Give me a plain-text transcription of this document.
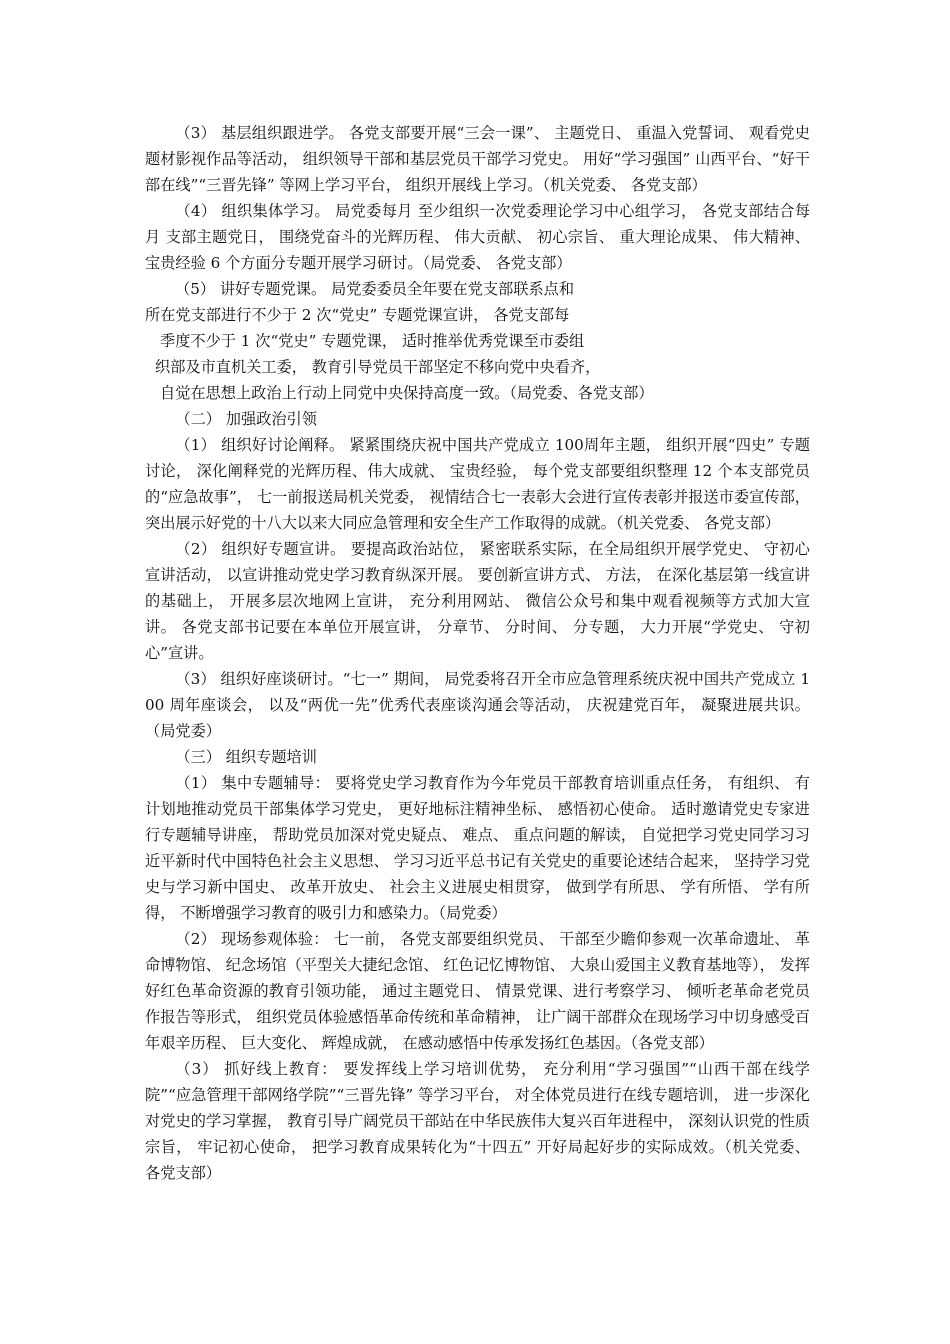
（3） 基层组织跟进学。 各党支部要开展“三会一课”、 主题党日、 重温入党誓词、 观看党史题材影视作品等活动， 组织领导干部和基层党员干部学习党史。 用好“学习强国” 山西平台、“好干部在线”“三晋先锋” 等网上学习平台， 组织开展线上学习。（机关党委、 各党支部）

（4） 组织集体学习。 局党委每月 至少组织一次党委理论学习中心组学习， 各党支部结合每月 支部主题党日， 围绕党奋斗的光辉历程、 伟大贡献、 初心宗旨、 重大理论成果、 伟大精神、 宝贵经验 6 个方面分专题开展学习研讨。（局党委、 各党支部）

（5） 讲好专题党课。 局党委委员全年要在党支部联系点和
所在党支部进行不少于 2 次“党史” 专题党课宣讲， 各党支部每
季度不少于 1 次“党史” 专题党课， 适时推举优秀党课至市委组
织部及市直机关工委， 教育引导党员干部坚定不移向党中央看齐，
自觉在思想上政治上行动上同党中央保持高度一致。（局党委、各党支部）

（二） 加强政治引领

（1） 组织好讨论阐释。 紧紧围绕庆祝中国共产党成立 100周年主题， 组织开展“四史” 专题讨论， 深化阐释党的光辉历程、伟大成就、 宝贵经验， 每个党支部要组织整理 12 个本支部党员的“应急故事”， 七一前报送局机关党委， 视情结合七一表彰大会进行宣传表彰并报送市委宣传部， 突出展示好党的十八大以来大同应急管理和安全生产工作取得的成就。（机关党委、 各党支部）

（2） 组织好专题宣讲。 要提高政治站位， 紧密联系实际，在全局组织开展学党史、 守初心宣讲活动， 以宣讲推动党史学习教育纵深开展。 要创新宣讲方式、 方法， 在深化基层第一线宣讲的基础上， 开展多层次地网上宣讲， 充分利用网站、 微信公众号和集中观看视频等方式加大宣讲。 各党支部书记要在本单位开展宣讲， 分章节、 分时间、 分专题， 大力开展“学党史、 守初心”宣讲。

（3） 组织好座谈研讨。“七一” 期间， 局党委将召开全市应急管理系统庆祝中国共产党成立 100 周年座谈会， 以及“两优一先”优秀代表座谈沟通会等活动， 庆祝建党百年， 凝聚进展共识。（局党委）

（三） 组织专题培训

（1） 集中专题辅导： 要将党史学习教育作为今年党员干部教育培训重点任务， 有组织、 有计划地推动党员干部集体学习党史， 更好地标注精神坐标、 感悟初心使命。 适时邀请党史专家进行专题辅导讲座， 帮助党员加深对党史疑点、 难点、 重点问题的解读， 自觉把学习党史同学习习近平新时代中国特色社会主义思想、 学习习近平总书记有关党史的重要论述结合起来， 坚持学习党史与学习新中国史、 改革开放史、 社会主义进展史相贯穿， 做到学有所思、 学有所悟、 学有所得， 不断增强学习教育的吸引力和感染力。（局党委）

（2） 现场参观体验： 七一前， 各党支部要组织党员、 干部至少瞻仰参观一次革命遗址、 革命博物馆、 纪念场馆（平型关大捷纪念馆、 红色记忆博物馆、 大泉山爱国主义教育基地等）， 发挥好红色革命资源的教育引领功能， 通过主题党日、 情景党课、进行考察学习、 倾听老革命老党员作报告等形式， 组织党员体验感悟革命传统和革命精神， 让广阔干部群众在现场学习中切身感受百年艰辛历程、 巨大变化、 辉煌成就， 在感动感悟中传承发扬红色基因。（各党支部）

（3） 抓好线上教育： 要发挥线上学习培训优势， 充分利用“学习强国”“山西干部在线学院”“应急管理干部网络学院”“三晋先锋” 等学习平台， 对全体党员进行在线专题培训， 进一步深化对党史的学习掌握， 教育引导广阔党员干部站在中华民族伟大复兴百年进程中， 深刻认识党的性质宗旨， 牢记初心使命， 把学习教育成果转化为“十四五” 开好局起好步的实际成效。（机关党委、 各党支部）
